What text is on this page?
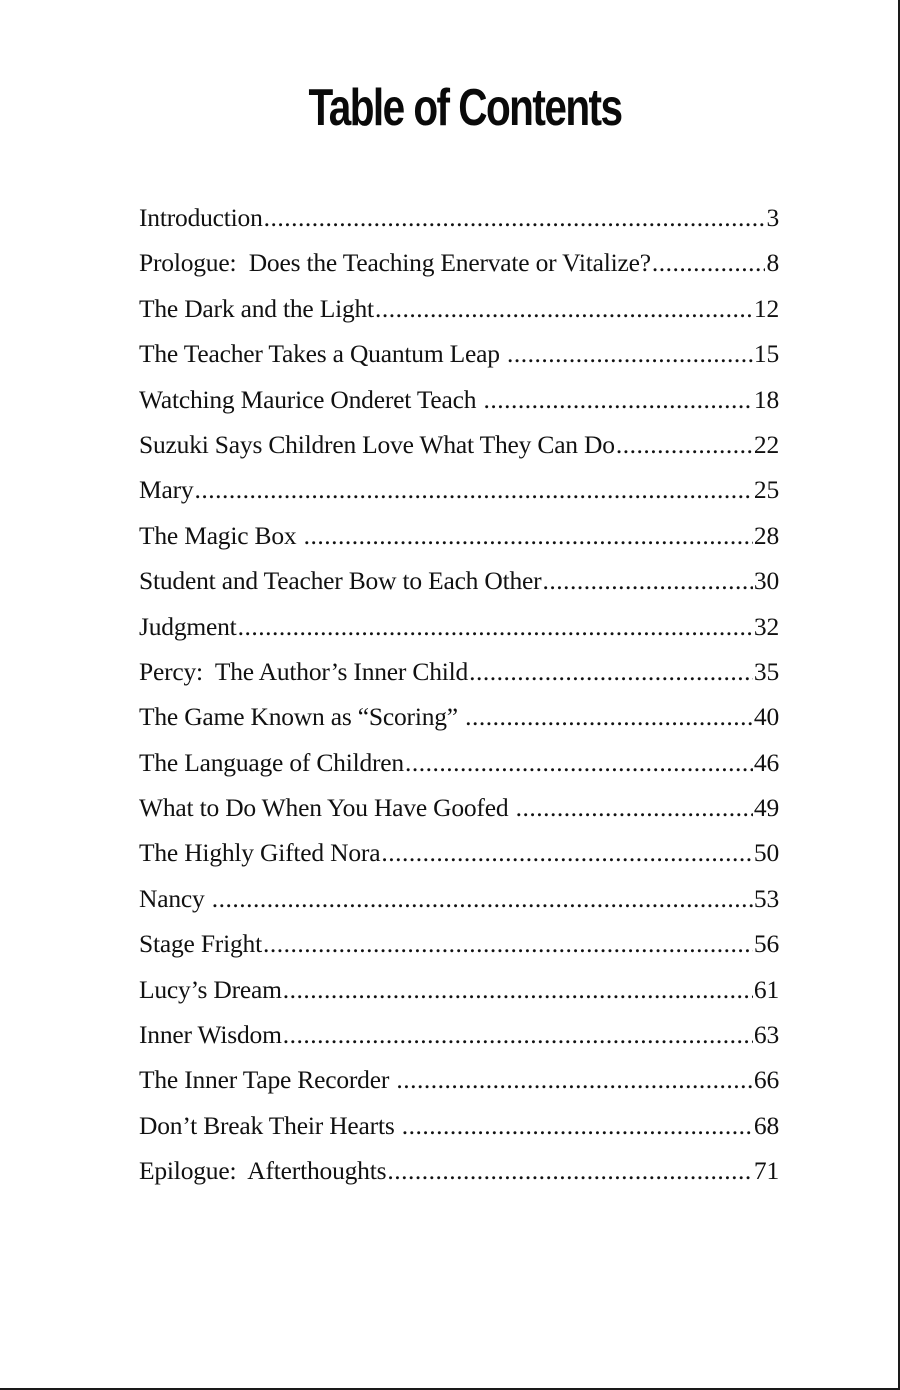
Table of Contents
Introduction .....	3
Prologue:  Does the Teaching Enervate or Vitalize? .....	8
The Dark and the Light .....	12
The Teacher Takes a Quantum Leap .....	15
Watching Maurice Onderet Teach .....	18
Suzuki Says Children Love What They Can Do .....	22
Mary .....	25
The Magic Box .....	28
Student and Teacher Bow to Each Other .....	30
Judgment .....	32
Percy:  The Author’s Inner Child .....	35
The Game Known as “Scoring” .....	40
The Language of Children .....	46
What to Do When You Have Goofed .....	49
The Highly Gifted Nora .....	50
Nancy .....	53
Stage Fright .....	56
Lucy’s Dream .....	61
Inner Wisdom .....	63
The Inner Tape Recorder .....	66
Don’t Break Their Hearts .....	68
Epilogue:  Afterthoughts .....	71
